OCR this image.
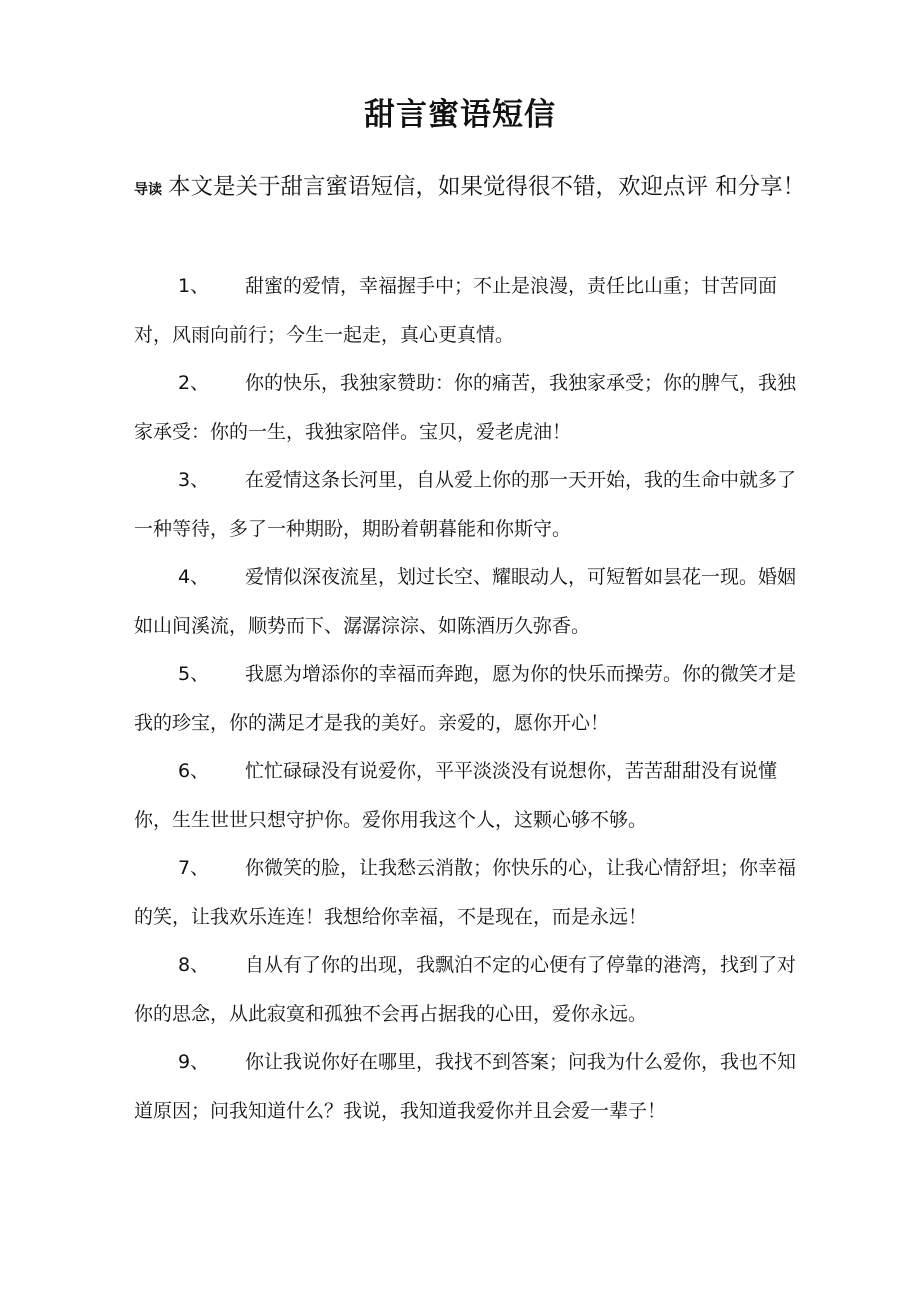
甜言蜜语短信

导读 本文是关于甜言蜜语短信，如果觉得很不错，欢迎点评 和分享！

1、 甜蜜的爱情，幸福握手中；不止是浪漫，责任比山重；甘苦同面对，风雨向前行；今生一起走，真心更真情。

2、 你的快乐，我独家赞助：你的痛苦，我独家承受；你的脾气，我独家承受：你的一生，我独家陪伴。宝贝，爱老虎油！

3、 在爱情这条长河里，自从爱上你的那一天开始，我的生命中就多了一种等待，多了一种期盼，期盼着朝暮能和你斯守。

4、 爱情似深夜流星，划过长空、耀眼动人，可短暂如昙花一现。婚姻如山间溪流，顺势而下、潺潺淙淙、如陈酒历久弥香。

5、 我愿为增添你的幸福而奔跑，愿为你的快乐而操劳。你的微笑才是我的珍宝，你的满足才是我的美好。亲爱的，愿你开心！

6、 忙忙碌碌没有说爱你，平平淡淡没有说想你，苦苦甜甜没有说懂你，生生世世只想守护你。爱你用我这个人，这颗心够不够。

7、 你微笑的脸，让我愁云消散；你快乐的心，让我心情舒坦；你幸福的笑，让我欢乐连连！我想给你幸福，不是现在，而是永远！

8、 自从有了你的出现，我飘泊不定的心便有了停靠的港湾，找到了对你的思念，从此寂寞和孤独不会再占据我的心田，爱你永远。

9、 你让我说你好在哪里，我找不到答案；问我为什么爱你，我也不知道原因；问我知道什么？我说，我知道我爱你并且会爱一辈子！
